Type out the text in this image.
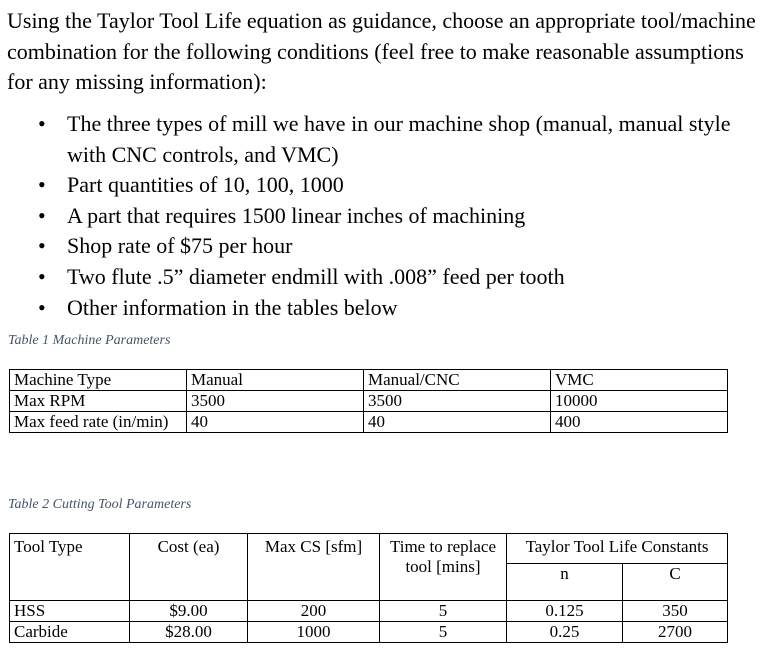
Using the Taylor Tool Life equation as guidance, choose an appropriate tool/machine combination for the following conditions (feel free to make reasonable assumptions for any missing information):

• The three types of mill we have in our machine shop (manual, manual style with CNC controls, and VMC)
• Part quantities of 10, 100, 1000
• A part that requires 1500 linear inches of machining
• Shop rate of $75 per hour
• Two flute .5” diameter endmill with .008” feed per tooth
• Other information in the tables below

Table 1 Machine Parameters

Machine Type	Manual	Manual/CNC	VMC
Max RPM	3500	3500	10000
Max feed rate (in/min)	40	40	400

Table 2 Cutting Tool Parameters

Tool Type	Cost (ea)	Max CS [sfm]	Time to replace tool [mins]	Taylor Tool Life Constants	
				n	C
HSS	$9.00	200	5	0.125	350
Carbide	$28.00	1000	5	0.25	2700
